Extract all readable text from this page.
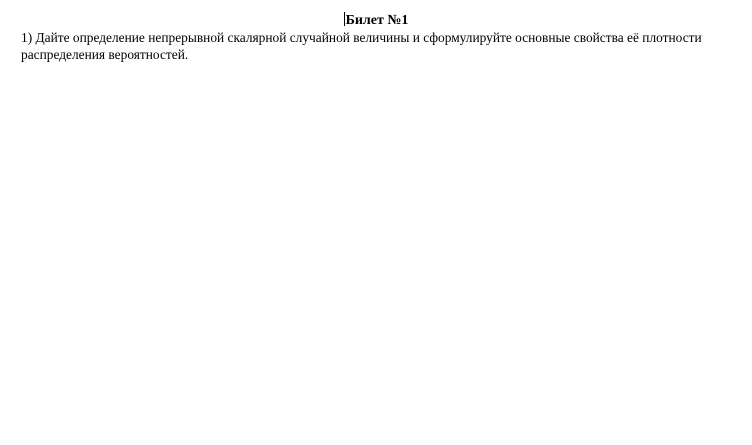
Билет №1

1) Дайте определение непрерывной скалярной случайной величины и сформулируйте основные свойства её плотности

распределения вероятностей.
